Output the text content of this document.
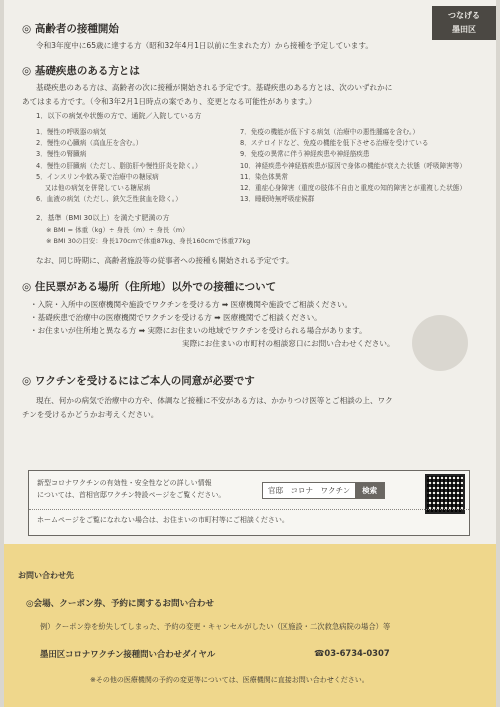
つなげる
墨田区
◎ 高齢者の接種開始
令和3年度中に65歳に達する方（昭和32年4月1日以前に生まれた方）から接種を予定しています。
◎ 基礎疾患のある方とは
基礎疾患のある方は、高齢者の次に接種が開始される予定です。基礎疾患のある方とは、次のいずれかに
あてはまる方です。（令和3年2月1日時点の案であり、変更となる可能性があります。）
1．以下の病気や状態の方で、通院／入院している方
1．慢性の呼吸器の病気
2．慢性の心臓病（高血圧を含む。）
3．慢性の腎臓病
4．慢性の肝臓病（ただし、脂肪肝や慢性肝炎を除く。）
5．インスリンや飲み薬で治療中の糖尿病
　 又は他の病気を併発している糖尿病
6．血液の病気（ただし、鉄欠乏性貧血を除く。）
7．免疫の機能が低下する病気（治療中の悪性腫瘍を含む。）
8．ステロイドなど、免疫の機能を低下させる治療を受けている
9．免疫の異常に伴う神経疾患や神経筋疾患
10．神経疾患や神経筋疾患が原因で身体の機能が衰えた状態（呼吸障害等）
11．染色体異常
12．重症心身障害（重度の肢体不自由と重度の知的障害とが重複した状態）
13．睡眠時無呼吸症候群
2．基準（BMI 30以上）を満たす肥満の方
※ BMI = 体重（kg）÷ 身長（m）÷ 身長（m）
※ BMI 30の目安：身長170cmで体重87kg、身長160cmで体重77kg
なお、同じ時期に、高齢者施設等の従事者への接種も開始される予定です。
◎ 住民票がある場所（住所地）以外での接種について
・入院・入所中の医療機関や施設でワクチンを受ける方 ➡ 医療機関や施設でご相談ください。
・基礎疾患で治療中の医療機関でワクチンを受ける方 ➡ 医療機関でご相談ください。
・お住まいが住所地と異なる方 ➡ 実際にお住まいの地域でワクチンを受けられる場合があります。
実際にお住まいの市町村の相談窓口にお問い合わせください。
◎ ワクチンを受けるにはご本人の同意が必要です
現在、何かの病気で治療中の方や、体調など接種に不安がある方は、かかりつけ医等とご相談の上、ワク
チンを受けるかどうかお考えください。
新型コロナワクチンの有効性・安全性などの詳しい情報
については、首相官邸ワクチン特設ページをご覧ください。	官邸　コロナ　ワクチン	検索
ホームページをご覧になれない場合は、お住まいの市町村等にご相談ください。
お問い合わせ先
◎会場、クーポン券、予約に関するお問い合わせ
例）クーポン券を紛失してしまった、予約の変更・キャンセルがしたい（区施設・二次救急病院の場合）等
墨田区コロナワクチン接種問い合わせダイヤル	☎03-6734-0307
※その他の医療機関の予約の変更等については、医療機関に直接お問い合わせください。
